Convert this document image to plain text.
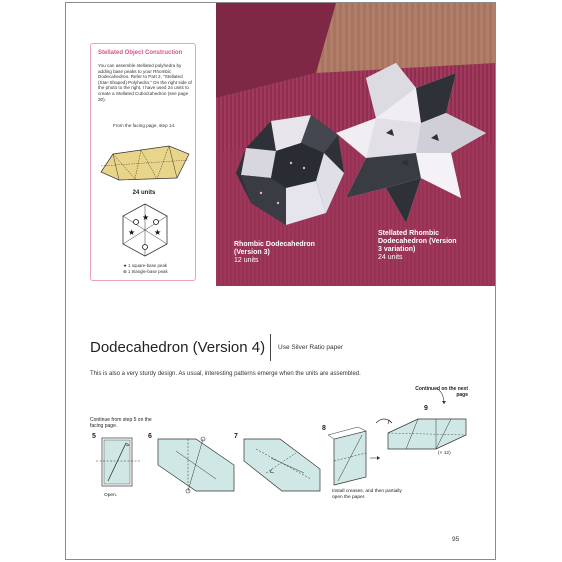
Rhombic Dodecahedron (Version 3)
12 units
Stellated Rhombic Dodecahedron (Version 3 variation)
24 units
Stellated Object Construction
You can assemble stellated polyhedra by adding base peaks to your Rhombic Dodecahedron. Refer to Part 2, "Stellated (Star-Shaped) Polyhedra." On the right side of the photo to the right, I have used 24 units to create a Stellated Cuboctahedron (see page 30).
From the facing page, step 14.
24 units
★
★ ★
★ 1 square-base peak
⊗ 1 triangle-base peak
Dodecahedron (Version 4) Use Silver Ratio paper
This is also a very sturdy design. As usual, interesting patterns emerge when the units are assembled.
Continued on the next page
Continue from step 5 on the facing page.
5
Open.
6	7
8
Install creases, and then partially open the paper.
9
(× 12)
95
